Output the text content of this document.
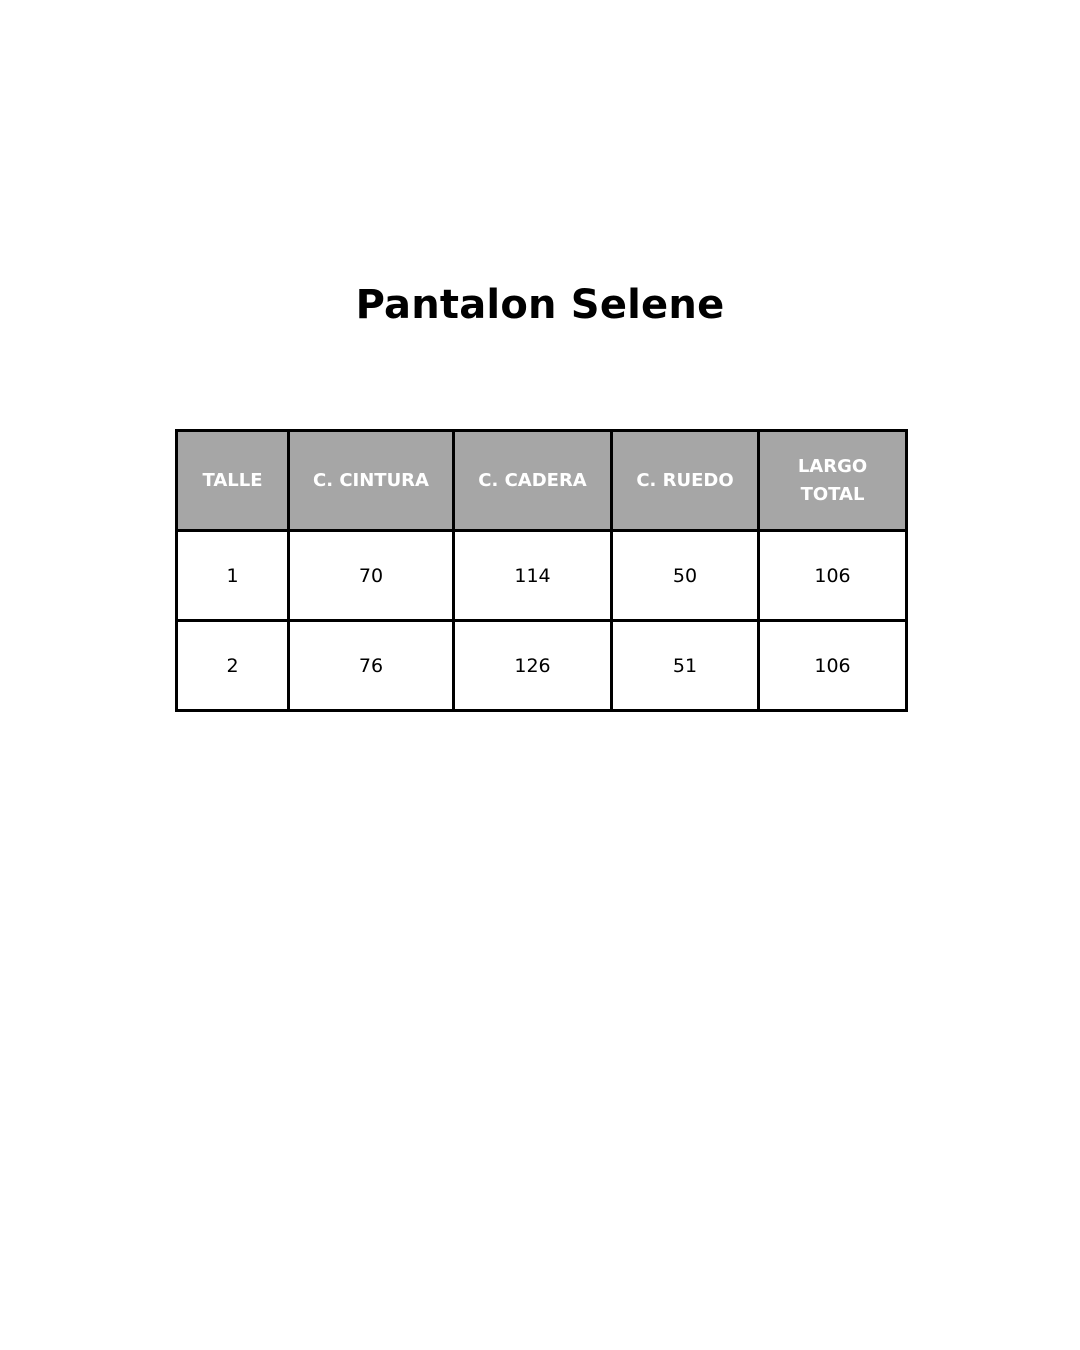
Pantalon Selene
TALLE	C. CINTURA	C. CADERA	C. RUEDO	LARGO TOTAL
1	70	114	50	106
2	76	126	51	106
